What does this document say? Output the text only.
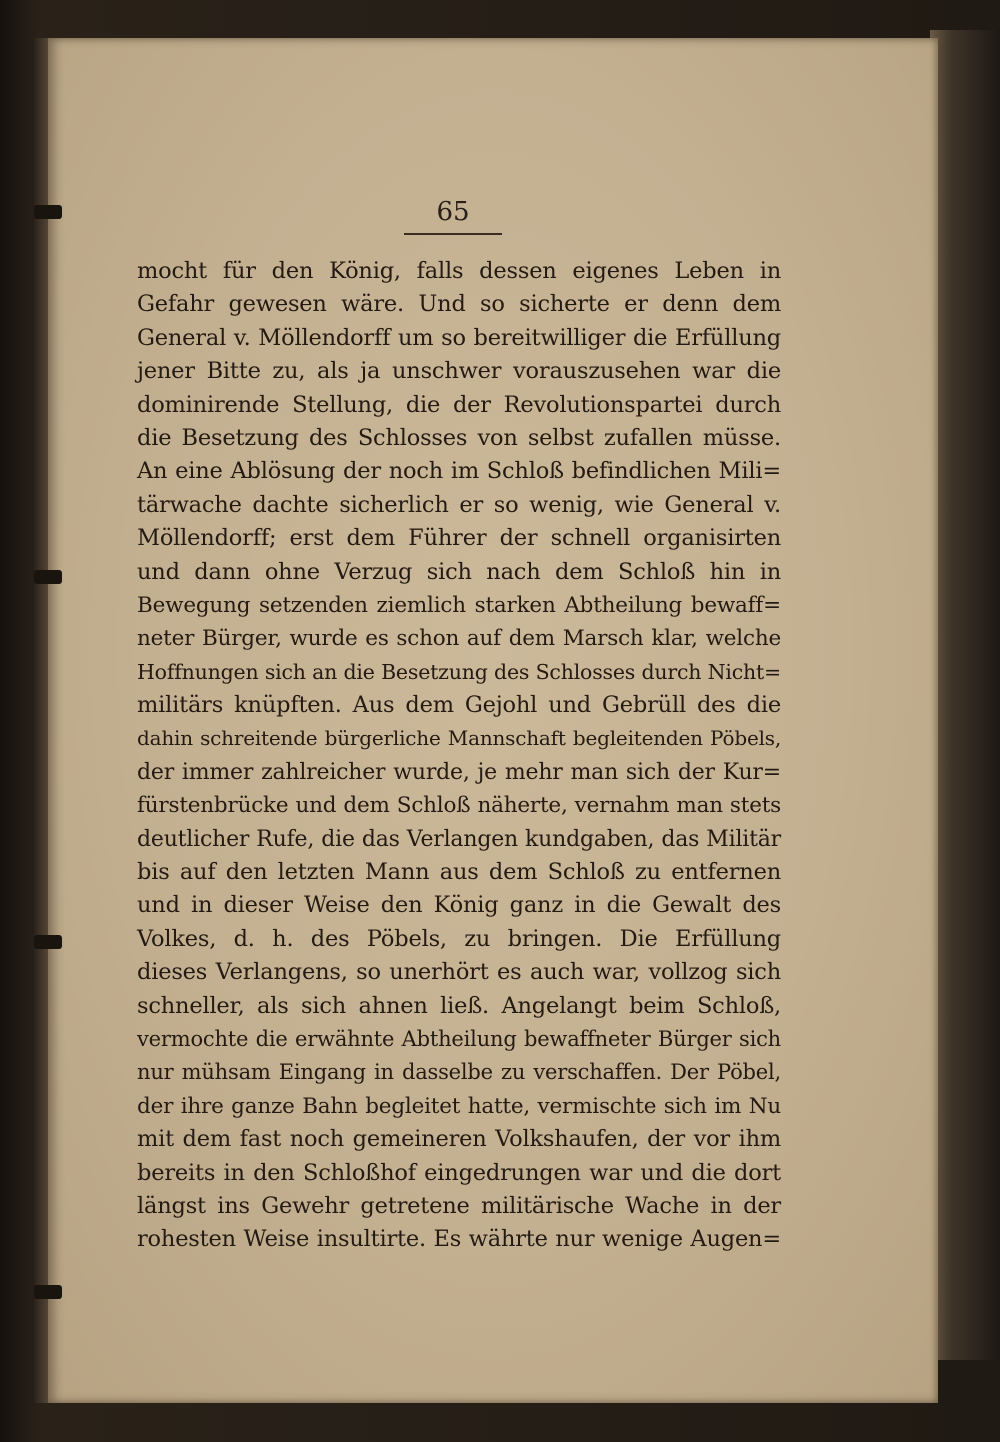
65
mocht für den König, falls dessen eigenes Leben in
Gefahr gewesen wäre. Und so sicherte er denn dem
General v. Möllendorff um so bereitwilliger die Erfüllung
jener Bitte zu, als ja unschwer vorauszusehen war die
dominirende Stellung, die der Revolutionspartei durch
die Besetzung des Schlosses von selbst zufallen müsse.
An eine Ablösung der noch im Schloß befindlichen Mili=
tärwache dachte sicherlich er so wenig, wie General v.
Möllendorff; erst dem Führer der schnell organisirten
und dann ohne Verzug sich nach dem Schloß hin in
Bewegung setzenden ziemlich starken Abtheilung bewaff=
neter Bürger, wurde es schon auf dem Marsch klar, welche
Hoffnungen sich an die Besetzung des Schlosses durch Nicht=
militärs knüpften. Aus dem Gejohl und Gebrüll des die
dahin schreitende bürgerliche Mannschaft begleitenden Pöbels,
der immer zahlreicher wurde, je mehr man sich der Kur=
fürstenbrücke und dem Schloß näherte, vernahm man stets
deutlicher Rufe, die das Verlangen kundgaben, das Militär
bis auf den letzten Mann aus dem Schloß zu entfernen
und in dieser Weise den König ganz in die Gewalt des
Volkes, d. h. des Pöbels, zu bringen. Die Erfüllung
dieses Verlangens, so unerhört es auch war, vollzog sich
schneller, als sich ahnen ließ. Angelangt beim Schloß,
vermochte die erwähnte Abtheilung bewaffneter Bürger sich
nur mühsam Eingang in dasselbe zu verschaffen. Der Pöbel,
der ihre ganze Bahn begleitet hatte, vermischte sich im Nu
mit dem fast noch gemeineren Volkshaufen, der vor ihm
bereits in den Schloßhof eingedrungen war und die dort
längst ins Gewehr getretene militärische Wache in der
rohesten Weise insultirte. Es währte nur wenige Augen=
